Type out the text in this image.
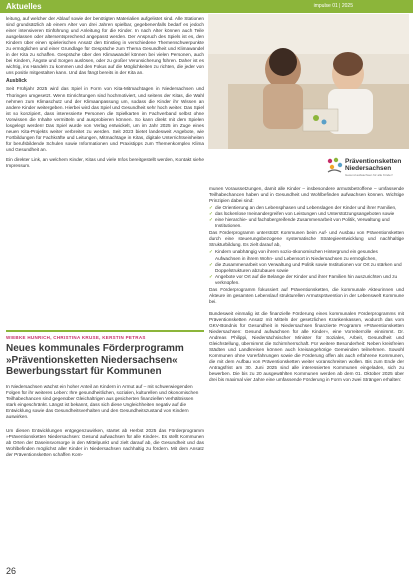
Aktuelles	impulse 01 | 2025

leitung, auf welcher der Ablauf sowie der benötigten Materialien aufgelistet sind. Alle Stationen sind grundsätzlich ab einem Alter von drei Jahren spielbar, gegebenenfalls bedarf es jedoch einer intensiveren Einführung und Anleitung für die Kinder. In nach Alter können auch Teile ausgelassen oder altersentsprechend angepasst werden. Der Anspruch des Spiels ist es, den Kindern über einen spielerischen Ansatz den Einstieg in verschiedene Themenschwerpunkte zu ermöglichen und einer Grundlage für Gespräche zum Thema Gesundheit und Klimawandel in der Kita zu schaffen. Gespräche über den Klimawandel können bei vielen Personen, auch bei Kindern, Ängste und Sorgen auslösen, oder zu großer Verunsicherung führen. Daher ist es wichtig, ins Handeln zu kommen und den Fokus auf die Möglichkeiten zu richten, die jeder von uns positiv mitgestalten kann. Und das fängt bereits in der Kita an.

Ausblick

Seit Frühjahr 2025 wird das Spiel in Form von Kita-Mitmachtagen in Niedersachsen und Thüringen umgesetzt. Wenn Einrichtungen sind hochmotiviert, und seitens der Kitas, die Wahl nehmen zum Klimaschutz und der Klimaanpassung um, sodass die Kinder ihr Wissen an andere Kinder weitergeben. Hierbei wird das Spiel und Gesundheit sehr hoch weiter. Das Spiel ist so konzipiert, dass interessierte Personen die Spielkarten im Fachverband selbst ohne Vorwissen die Inhalte vermitteln und ausprobieren können. So kann direkt mit dem Spielen losgelegt werden! Das Spiel wurde von Verlag entwickelt, um im Jahr 2025 im Zuge eines neuen Kita-Projekts weiter verbreitet zu werden. Seit 2023 bietet landesweit Angebote, wie Fortbildungen für Fachkräfte und Leitungen, Mitmachtage in Kitas, digitale Unterrichtseinheiten für berufsbildende Schulen sowie Informationen und Praxistipps zum Themenkomplex Klima und Gesundheit an.

Ein direkter Link, an welchem Kinder, Kitas und viele Infos bereitgestellt werden, Kontakt siehe Impressum.

WIEBKE HUNRICH, CHRISTINA KRUSE, KERSTIN PETRAS

Neues kommunales Förderprogramm »Präventionsketten Niedersachsen« Bewerbungsstart für Kommunen

In Niedersachsen wächst ein hoher Anteil an Kindern in Armut auf – mit schwerwiegenden Folgen für ihr weiteres Leben: Ihre gesundheitlichen, sozialen, kulturellen und ökonomischen Teilhabechancen sind gegenüber Gleichaltrigen aus gesicherten finanziellen Verhältnissen stark eingeschränkt. Längst ist bekannt, dass sich diese Ungleichheiten negativ auf die Entwicklung sowie das Gesundheitsverhalten und den Gesundheitszustand von Kindern auswirken.

Um diesen Entwicklungen entgegenzuwirken, startet ab Herbst 2025 das Förderprogramm »Präventionsketten Niedersachsen: Gesund aufwachsen für alle Kinder«. Es stellt Kommunen ab Orten der Daseinsvorsorge in den Mittelpunkt und zielt darauf ab, die Gesundheit und das Wohlbefinden möglichst aller Kinder in Niedersachsen nachhaltig zu fördern. Mit dem Ansatz der Präventionsketten schaffen Kom-

Präventionsketten
Niedersachsen
Gesund aufwachsen für alle Kinder!

munen Voraussetzungen, damit alle Kinder – insbesondere armutsbetroffene – umfassende Teilhabechancen haben und in Gesundheit und Wohlbefinden aufwachsen können. Wichtige Prinzipien dabei sind:

✓ die Orientierung an den Lebensphasen und Lebenslagen der Kinder und ihrer Familien,
✓ das lückenlose Ineinandergreifen von Leistungen und Unterstützungsangeboten sowie
✓ eine hierarchie- und fachübergreifende Zusammenarbeit von Politik, Verwaltung und Institutionen.

Das Förderprogramm unterstützt Kommunen beim Auf- und Ausbau von Präventionsketten durch eine steuerungsbezogene systematische Strategieentwicklung und nachhaltige Strukturbildung. Es zielt darauf ab,

✓ Kindern unabhängig von ihrem sozio-ökonomischen Hintergrund ein gesundes Aufwachsen in ihrem Wohn- und Lebensort in Niedersachsen zu ermöglichen,
✓ die Zusammenarbeit von Verwaltung und Politik sowie Institutionen vor Ort zu stärken und Doppelstrukturen abzubauen sowie
✓ Angebote vor Ort auf die Belange der Kinder und ihrer Familien hin auszurichten und zu verknüpfen.

Das Förderprogramm fokussiert auf Präventionsketten, die kommunale Akteurinnen und Akteure im gesamten Lebenslauf strukturellen Armutsprävention in der Lebenswelt Kommune bei.

Bundesweit einmalig ist die finanzielle Förderung eines kommunalen Förderprogramms mit Präventionsketten Ansatz mit Mitteln der gesetzlichen Krankenkassen, wodurch das vom GKV-Bündnis für Gesundheit in Niedersachsen finanzierte Programm »Präventionsketten Niedersachsen: Gesund aufwachsen für alle Kinder«, eine Vorreiterrolle einnimmt. Dr. Andreas Philippi, Niedersächsischer Minister für Soziales, Arbeit, Gesundheit und Gleichstellung, übernimmt die Schirmherrschaft. Für weitere Besonderheit: Neben kreisfreien Städten und Landkreisen können auch kreisangehörige Gemeinden teilnehmen. Sowohl Kommunen ohne Vorerfahrungen sowie die Förderung offen als auch erfahrene Kommunen, die mit dem Aufbau von Präventionsketten weiter voranschreiten wollen. Bis zum Ende der Antragsfrist am 30. Juni 2025 sind alle interessierten Kommunen eingeladen, sich zu bewerben. Die bis zu 20 ausgewählten Kommunen werden ab dem 01. Oktober 2025 über drei bis maximal vier Jahre eine umfassende Förderung in Form von zwei Strängen erhalten:

26
